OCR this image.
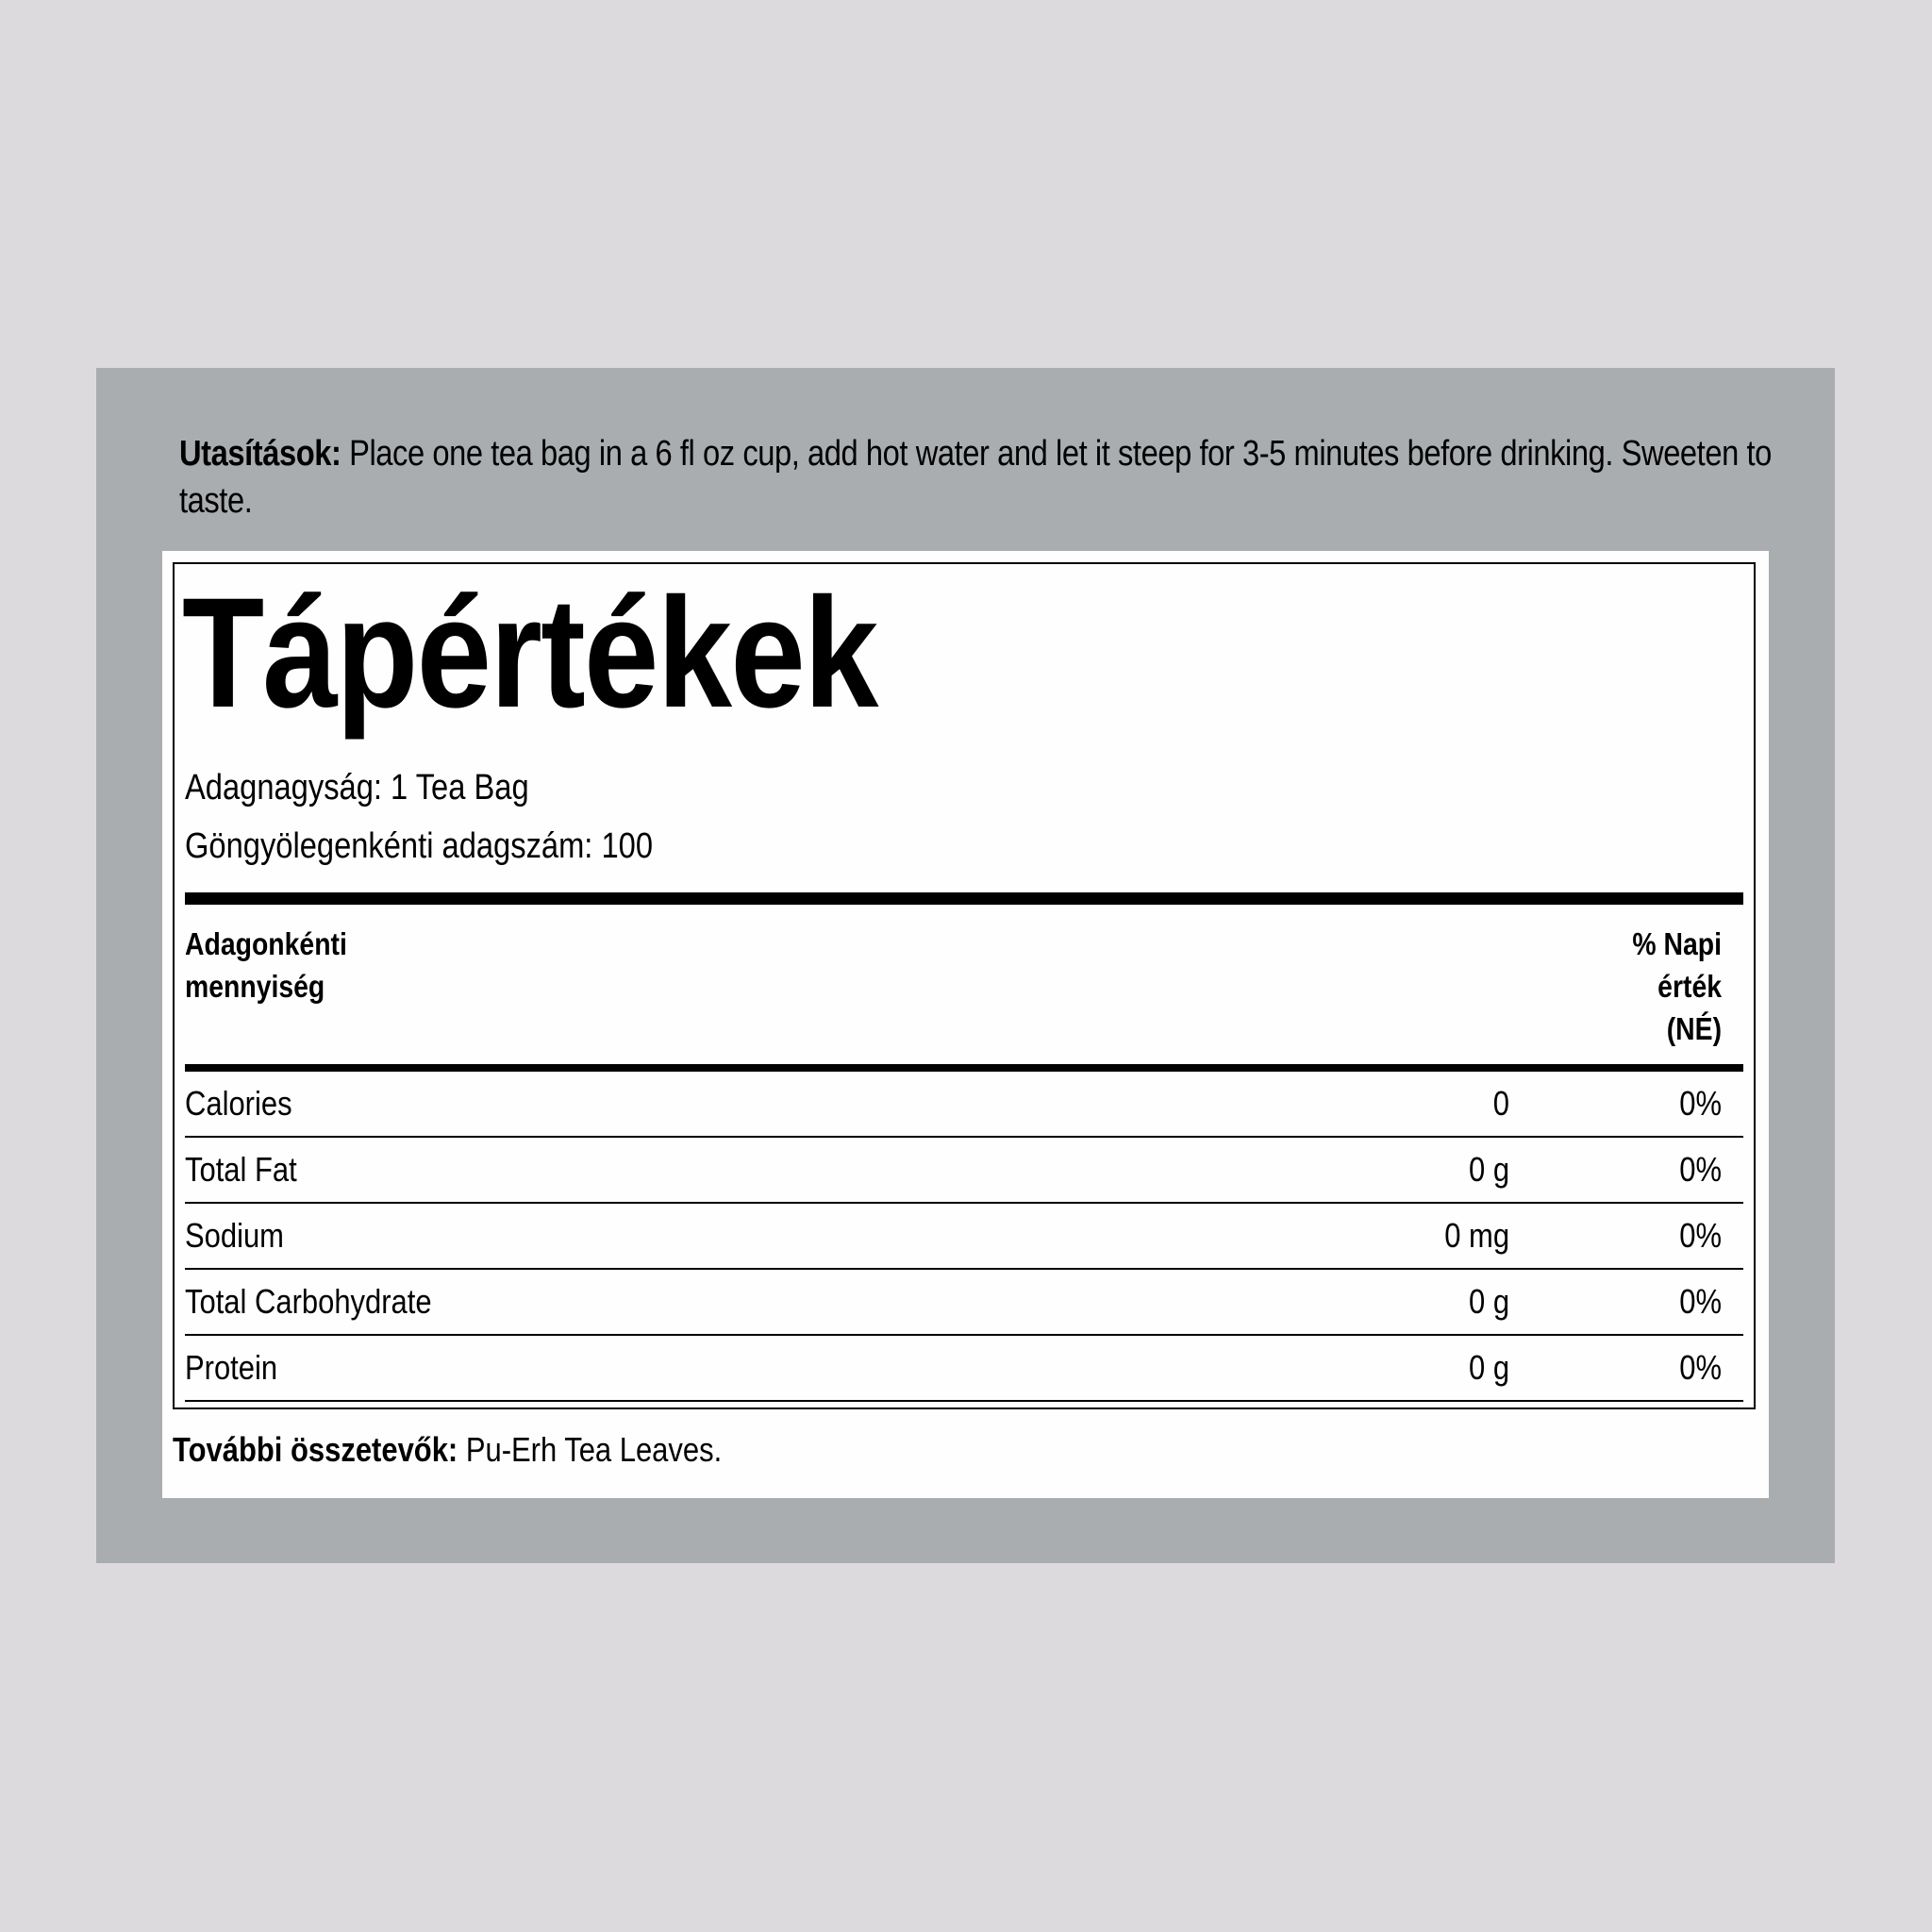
Utasítások: Place one tea bag in a 6 fl oz cup, add hot water and let it steep for 3-5 minutes before drinking. Sweeten to taste.
Tápértékek
Adagnagyság: 1 Tea Bag
Göngyölegenkénti adagszám: 100
Adagonkénti
mennyiség
% Napi
érték
(NÉ)
Calories	0	0%
Total Fat	0 g	0%
Sodium	0 mg	0%
Total Carbohydrate	0 g	0%
Protein	0 g	0%
További összetevők: Pu-Erh Tea Leaves.
